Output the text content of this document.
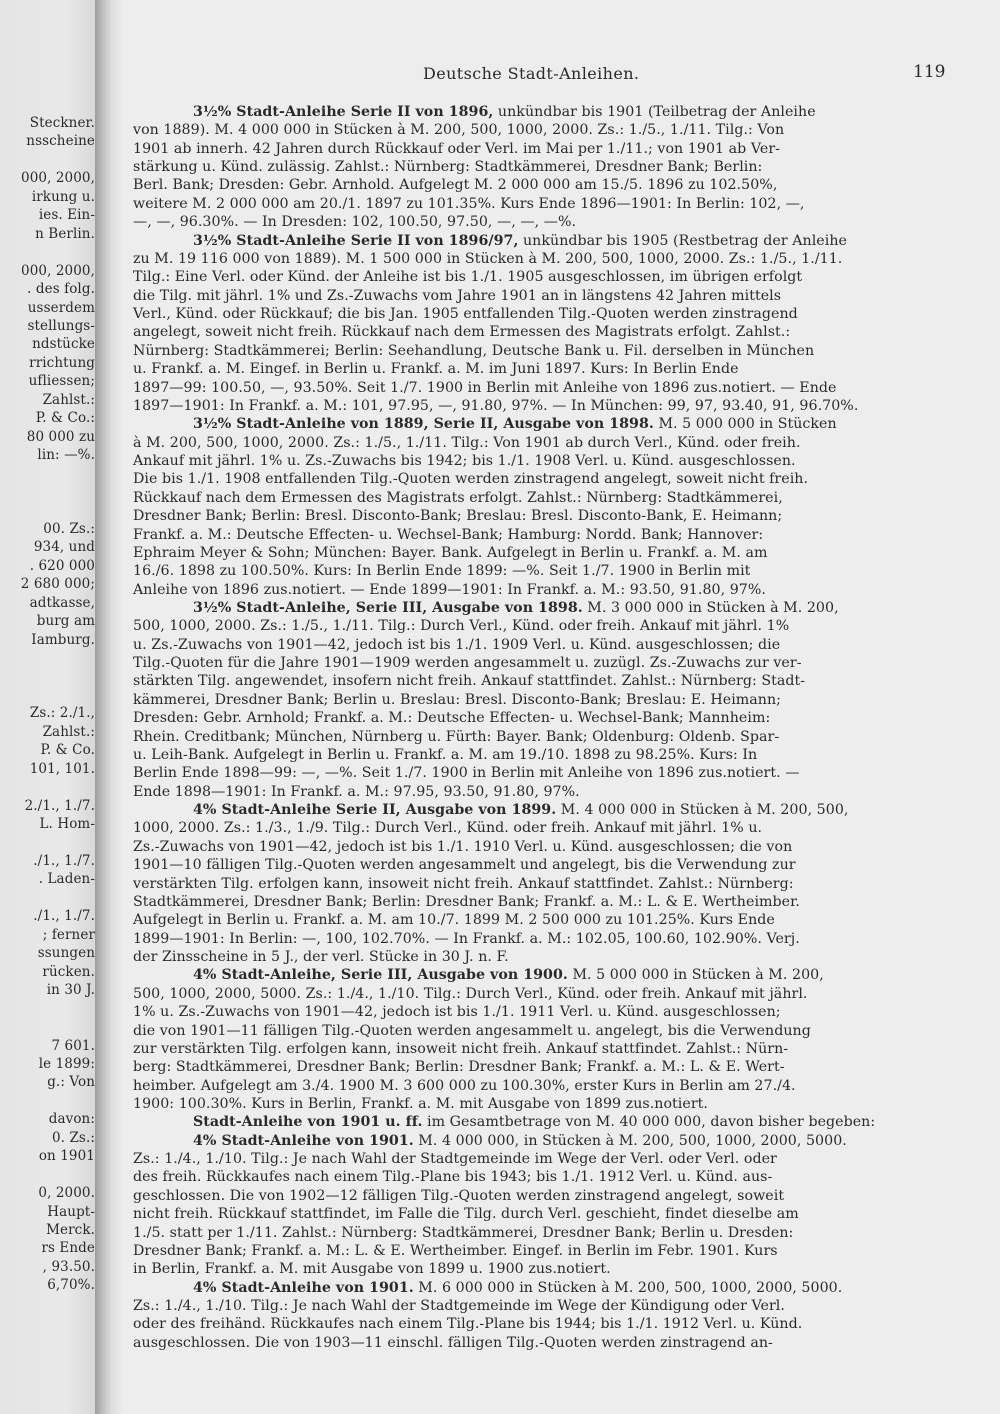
Steckner.
nsscheine
000, 2000,
irkung u.
ies. Ein-
n Berlin.
000, 2000,
. des folg.
usserdem
stellungs-
ndstücke
rrichtung
ufliessen;
Zahlst.:
P. & Co.:
80 000 zu
lin: —%.
00. Zs.:
934, und
. 620 000
2 680 000;
adtkasse,
burg am
Iamburg.
Zs.: 2./1.,
Zahlst.:
P. & Co.
101, 101.
2./1., 1./7.
L. Hom-
./1., 1./7.
. Laden-
./1., 1./7.
; ferner
ssungen
rücken.
in 30 J.
7 601.
le 1899:
g.: Von
davon:
0. Zs.:
on 1901
0, 2000.
Haupt-
Merck.
rs Ende
, 93.50.
6,70%.
Deutsche Stadt-Anleihen.	119
3½% Stadt-Anleihe Serie II von 1896, unkündbar bis 1901 (Teilbetrag der Anleihe
von 1889). M. 4 000 000 in Stücken à M. 200, 500, 1000, 2000. Zs.: 1./5., 1./11. Tilg.: Von
1901 ab innerh. 42 Jahren durch Rückkauf oder Verl. im Mai per 1./11.; von 1901 ab Ver-
stärkung u. Künd. zulässig. Zahlst.: Nürnberg: Stadtkämmerei, Dresdner Bank; Berlin:
Berl. Bank; Dresden: Gebr. Arnhold. Aufgelegt M. 2 000 000 am 15./5. 1896 zu 102.50%,
weitere M. 2 000 000 am 20./1. 1897 zu 101.35%. Kurs Ende 1896—1901: In Berlin: 102, —,
—, —, 96.30%. — In Dresden: 102, 100.50, 97.50, —, —, —%.
3½% Stadt-Anleihe Serie II von 1896/97, unkündbar bis 1905 (Restbetrag der Anleihe
zu M. 19 116 000 von 1889). M. 1 500 000 in Stücken à M. 200, 500, 1000, 2000. Zs.: 1./5., 1./11.
Tilg.: Eine Verl. oder Künd. der Anleihe ist bis 1./1. 1905 ausgeschlossen, im übrigen erfolgt
die Tilg. mit jährl. 1% und Zs.-Zuwachs vom Jahre 1901 an in längstens 42 Jahren mittels
Verl., Künd. oder Rückkauf; die bis Jan. 1905 entfallenden Tilg.-Quoten werden zinstragend
angelegt, soweit nicht freih. Rückkauf nach dem Ermessen des Magistrats erfolgt. Zahlst.:
Nürnberg: Stadtkämmerei; Berlin: Seehandlung, Deutsche Bank u. Fil. derselben in München
u. Frankf. a. M. Eingef. in Berlin u. Frankf. a. M. im Juni 1897. Kurs: In Berlin Ende
1897—99: 100.50, —, 93.50%. Seit 1./7. 1900 in Berlin mit Anleihe von 1896 zus.notiert. — Ende
1897—1901: In Frankf. a. M.: 101, 97.95, —, 91.80, 97%. — In München: 99, 97, 93.40, 91, 96.70%.
3½% Stadt-Anleihe von 1889, Serie II, Ausgabe von 1898. M. 5 000 000 in Stücken
à M. 200, 500, 1000, 2000. Zs.: 1./5., 1./11. Tilg.: Von 1901 ab durch Verl., Künd. oder freih.
Ankauf mit jährl. 1% u. Zs.-Zuwachs bis 1942; bis 1./1. 1908 Verl. u. Künd. ausgeschlossen.
Die bis 1./1. 1908 entfallenden Tilg.-Quoten werden zinstragend angelegt, soweit nicht freih.
Rückkauf nach dem Ermessen des Magistrats erfolgt. Zahlst.: Nürnberg: Stadtkämmerei,
Dresdner Bank; Berlin: Bresl. Disconto-Bank; Breslau: Bresl. Disconto-Bank, E. Heimann;
Frankf. a. M.: Deutsche Effecten- u. Wechsel-Bank; Hamburg: Nordd. Bank; Hannover:
Ephraim Meyer & Sohn; München: Bayer. Bank. Aufgelegt in Berlin u. Frankf. a. M. am
16./6. 1898 zu 100.50%. Kurs: In Berlin Ende 1899: —%. Seit 1./7. 1900 in Berlin mit
Anleihe von 1896 zus.notiert. — Ende 1899—1901: In Frankf. a. M.: 93.50, 91.80, 97%.
3½% Stadt-Anleihe, Serie III, Ausgabe von 1898. M. 3 000 000 in Stücken à M. 200,
500, 1000, 2000. Zs.: 1./5., 1./11. Tilg.: Durch Verl., Künd. oder freih. Ankauf mit jährl. 1%
u. Zs.-Zuwachs von 1901—42, jedoch ist bis 1./1. 1909 Verl. u. Künd. ausgeschlossen; die
Tilg.-Quoten für die Jahre 1901—1909 werden angesammelt u. zuzügl. Zs.-Zuwachs zur ver-
stärkten Tilg. angewendet, insofern nicht freih. Ankauf stattfindet. Zahlst.: Nürnberg: Stadt-
kämmerei, Dresdner Bank; Berlin u. Breslau: Bresl. Disconto-Bank; Breslau: E. Heimann;
Dresden: Gebr. Arnhold; Frankf. a. M.: Deutsche Effecten- u. Wechsel-Bank; Mannheim:
Rhein. Creditbank; München, Nürnberg u. Fürth: Bayer. Bank; Oldenburg: Oldenb. Spar-
u. Leih-Bank. Aufgelegt in Berlin u. Frankf. a. M. am 19./10. 1898 zu 98.25%. Kurs: In
Berlin Ende 1898—99: —, —%. Seit 1./7. 1900 in Berlin mit Anleihe von 1896 zus.notiert. —
Ende 1898—1901: In Frankf. a. M.: 97.95, 93.50, 91.80, 97%.
4% Stadt-Anleihe Serie II, Ausgabe von 1899. M. 4 000 000 in Stücken à M. 200, 500,
1000, 2000. Zs.: 1./3., 1./9. Tilg.: Durch Verl., Künd. oder freih. Ankauf mit jährl. 1% u.
Zs.-Zuwachs von 1901—42, jedoch ist bis 1./1. 1910 Verl. u. Künd. ausgeschlossen; die von
1901—10 fälligen Tilg.-Quoten werden angesammelt und angelegt, bis die Verwendung zur
verstärkten Tilg. erfolgen kann, insoweit nicht freih. Ankauf stattfindet. Zahlst.: Nürnberg:
Stadtkämmerei, Dresdner Bank; Berlin: Dresdner Bank; Frankf. a. M.: L. & E. Wertheimber.
Aufgelegt in Berlin u. Frankf. a. M. am 10./7. 1899 M. 2 500 000 zu 101.25%. Kurs Ende
1899—1901: In Berlin: —, 100, 102.70%. — In Frankf. a. M.: 102.05, 100.60, 102.90%. Verj.
der Zinsscheine in 5 J., der verl. Stücke in 30 J. n. F.
4% Stadt-Anleihe, Serie III, Ausgabe von 1900. M. 5 000 000 in Stücken à M. 200,
500, 1000, 2000, 5000. Zs.: 1./4., 1./10. Tilg.: Durch Verl., Künd. oder freih. Ankauf mit jährl.
1% u. Zs.-Zuwachs von 1901—42, jedoch ist bis 1./1. 1911 Verl. u. Künd. ausgeschlossen;
die von 1901—11 fälligen Tilg.-Quoten werden angesammelt u. angelegt, bis die Verwendung
zur verstärkten Tilg. erfolgen kann, insoweit nicht freih. Ankauf stattfindet. Zahlst.: Nürn-
berg: Stadtkämmerei, Dresdner Bank; Berlin: Dresdner Bank; Frankf. a. M.: L. & E. Wert-
heimber. Aufgelegt am 3./4. 1900 M. 3 600 000 zu 100.30%, erster Kurs in Berlin am 27./4.
1900: 100.30%. Kurs in Berlin, Frankf. a. M. mit Ausgabe von 1899 zus.notiert.
Stadt-Anleihe von 1901 u. ff. im Gesamtbetrage von M. 40 000 000, davon bisher begeben:
4% Stadt-Anleihe von 1901. M. 4 000 000, in Stücken à M. 200, 500, 1000, 2000, 5000.
Zs.: 1./4., 1./10. Tilg.: Je nach Wahl der Stadtgemeinde im Wege der Verl. oder Verl. oder
des freih. Rückkaufes nach einem Tilg.-Plane bis 1943; bis 1./1. 1912 Verl. u. Künd. aus-
geschlossen. Die von 1902—12 fälligen Tilg.-Quoten werden zinstragend angelegt, soweit
nicht freih. Rückkauf stattfindet, im Falle die Tilg. durch Verl. geschieht, findet dieselbe am
1./5. statt per 1./11. Zahlst.: Nürnberg: Stadtkämmerei, Dresdner Bank; Berlin u. Dresden:
Dresdner Bank; Frankf. a. M.: L. & E. Wertheimber. Eingef. in Berlin im Febr. 1901. Kurs
in Berlin, Frankf. a. M. mit Ausgabe von 1899 u. 1900 zus.notiert.
4% Stadt-Anleihe von 1901. M. 6 000 000 in Stücken à M. 200, 500, 1000, 2000, 5000.
Zs.: 1./4., 1./10. Tilg.: Je nach Wahl der Stadtgemeinde im Wege der Kündigung oder Verl.
oder des freihänd. Rückkaufes nach einem Tilg.-Plane bis 1944; bis 1./1. 1912 Verl. u. Künd.
ausgeschlossen. Die von 1903—11 einschl. fälligen Tilg.-Quoten werden zinstragend an-
